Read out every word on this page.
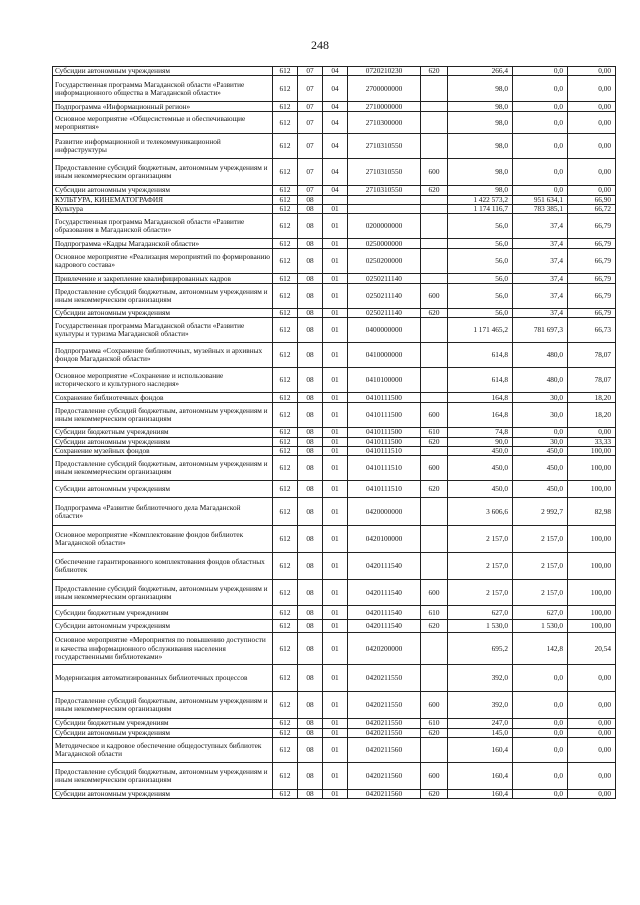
248
Субсидии автономным учреждениям	612	07	04	0720210230	620	266,4	0,0	0,00
Государственная программа Магаданской области «Развитие информационного общества в Магаданской области»	612	07	04	2700000000		98,0	0,0	0,00
Подпрограмма «Информационный регион»	612	07	04	2710000000		98,0	0,0	0,00
Основное мероприятие «Общесистемные и обеспечивающие мероприятия»	612	07	04	2710300000		98,0	0,0	0,00
Развитие информационной и телекоммуникационной инфраструктуры	612	07	04	2710310550		98,0	0,0	0,00
Предоставление субсидий бюджетным, автономным учреждениям и иным некоммерческим организациям	612	07	04	2710310550	600	98,0	0,0	0,00
Субсидии автономным учреждениям	612	07	04	2710310550	620	98,0	0,0	0,00
КУЛЬТУРА, КИНЕМАТОГРАФИЯ	612	08				1 422 573,2	951 634,1	66,90
Культура	612	08	01			1 174 116,7	783 385,1	66,72
Государственная программа Магаданской области «Развитие образования в Магаданской области»	612	08	01	0200000000		56,0	37,4	66,79
Подпрограмма «Кадры Магаданской области»	612	08	01	0250000000		56,0	37,4	66,79
Основное мероприятие «Реализация мероприятий по формированию кадрового состава»	612	08	01	0250200000		56,0	37,4	66,79
Привлечение и закрепление квалифицированных кадров	612	08	01	0250211140		56,0	37,4	66,79
Предоставление субсидий бюджетным, автономным учреждениям и иным некоммерческим организациям	612	08	01	0250211140	600	56,0	37,4	66,79
Субсидии автономным учреждениям	612	08	01	0250211140	620	56,0	37,4	66,79
Государственная программа Магаданской области «Развитие культуры и туризма Магаданской области»	612	08	01	0400000000		1 171 465,2	781 697,3	66,73
Подпрограмма «Сохранение библиотечных, музейных и архивных фондов Магаданской области»	612	08	01	0410000000		614,8	480,0	78,07
Основное мероприятие «Сохранение и использование исторического и культурного наследия»	612	08	01	0410100000		614,8	480,0	78,07
Сохранение библиотечных фондов	612	08	01	0410111500		164,8	30,0	18,20
Предоставление субсидий бюджетным, автономным учреждениям и иным некоммерческим организациям	612	08	01	0410111500	600	164,8	30,0	18,20
Субсидии бюджетным учреждениям	612	08	01	0410111500	610	74,8	0,0	0,00
Субсидии автономным учреждениям	612	08	01	0410111500	620	90,0	30,0	33,33
Сохранение музейных фондов	612	08	01	0410111510		450,0	450,0	100,00
Предоставление субсидий бюджетным, автономным учреждениям и иным некоммерческим организациям	612	08	01	0410111510	600	450,0	450,0	100,00
Субсидии автономным учреждениям	612	08	01	0410111510	620	450,0	450,0	100,00
Подпрограмма «Развитие библиотечного дела Магаданской области»	612	08	01	0420000000		3 606,6	2 992,7	82,98
Основное мероприятие «Комплектование фондов библиотек Магаданской области»	612	08	01	0420100000		2 157,0	2 157,0	100,00
Обеспечение гарантированного комплектования фондов областных библиотек	612	08	01	0420111540		2 157,0	2 157,0	100,00
Предоставление субсидий бюджетным, автономным учреждениям и иным некоммерческим организациям	612	08	01	0420111540	600	2 157,0	2 157,0	100,00
Субсидии бюджетным учреждениям	612	08	01	0420111540	610	627,0	627,0	100,00
Субсидии автономным учреждениям	612	08	01	0420111540	620	1 530,0	1 530,0	100,00
Основное мероприятие «Мероприятия по повышению доступности и качества информационного обслуживания населения государственными библиотеками»	612	08	01	0420200000		695,2	142,8	20,54
Модернизация автоматизированных библиотечных процессов	612	08	01	0420211550		392,0	0,0	0,00
Предоставление субсидий бюджетным, автономным учреждениям и иным некоммерческим организациям	612	08	01	0420211550	600	392,0	0,0	0,00
Субсидии бюджетным учреждениям	612	08	01	0420211550	610	247,0	0,0	0,00
Субсидии автономным учреждениям	612	08	01	0420211550	620	145,0	0,0	0,00
Методическое и кадровое обеспечение общедоступных библиотек Магаданской области	612	08	01	0420211560		160,4	0,0	0,00
Предоставление субсидий бюджетным, автономным учреждениям и иным некоммерческим организациям	612	08	01	0420211560	600	160,4	0,0	0,00
Субсидии автономным учреждениям	612	08	01	0420211560	620	160,4	0,0	0,00
